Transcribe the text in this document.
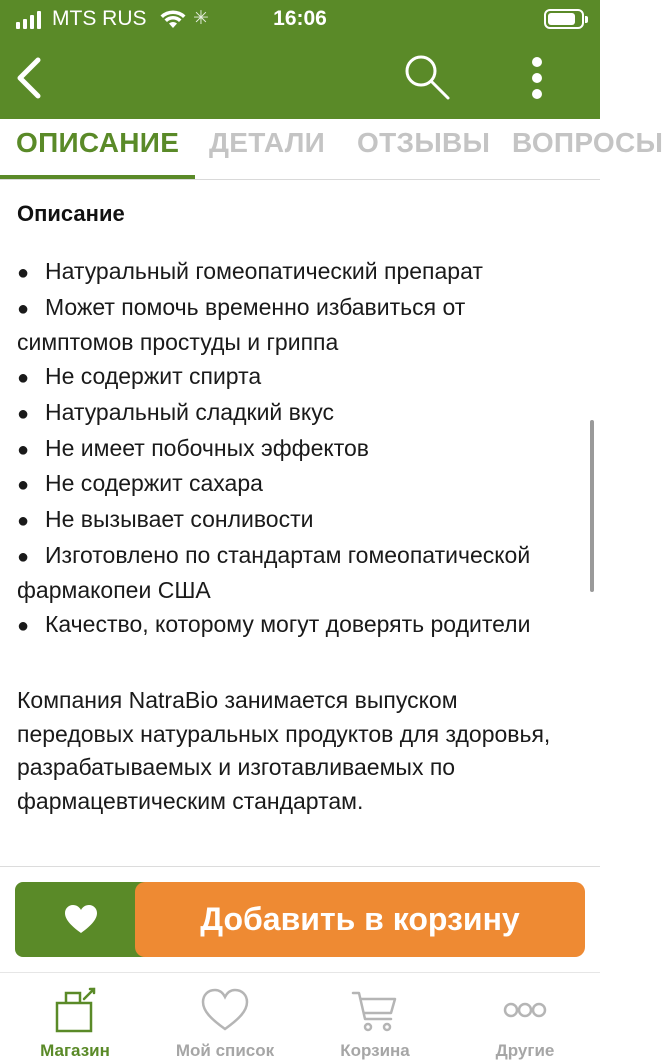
MTS RUS ✳	16:06
ОПИСАНИЕ ДЕТАЛИ ОТЗЫВЫ ВОПРОСЫ
Описание
● Натуральный гомеопатический препарат
● Может помочь временно избавиться от симптомов простуды и гриппа
● Не содержит спирта
● Натуральный сладкий вкус
● Не имеет побочных эффектов
● Не содержит сахара
● Не вызывает сонливости
● Изготовлено по стандартам гомеопатической фармакопеи США
● Качество, которому могут доверять родители

Компания NatraBio занимается выпуском передовых натуральных продуктов для здоровья, разрабатываемых и изготавливаемых по фармацевтическим стандартам.

Добавить в корзину
Магазин	Мой список	Корзина	Другие
